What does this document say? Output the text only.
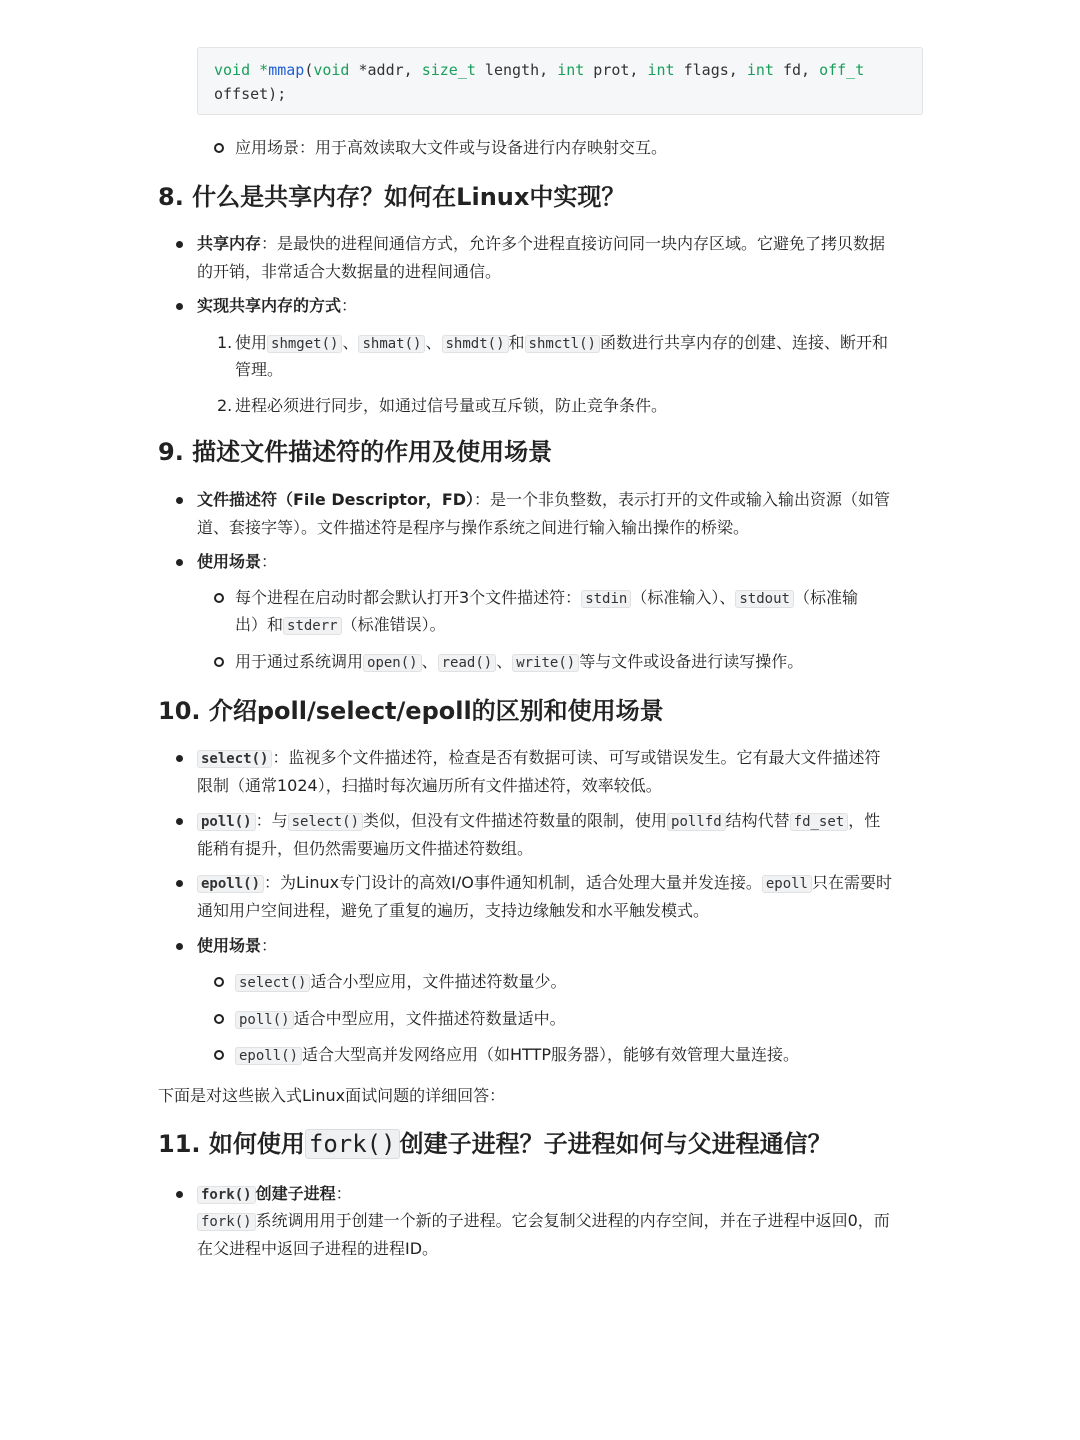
void *mmap(void *addr, size_t length, int prot, int flags, int fd, off_t
offset);
应用场景：用于高效读取大文件或与设备进行内存映射交互。
8. 什么是共享内存？如何在Linux中实现？
共享内存：是最快的进程间通信方式，允许多个进程直接访问同一块内存区域。它避免了拷贝数据
的开销，非常适合大数据量的进程间通信。
实现共享内存的方式：
1. 使用 shmget() 、 shmat() 、 shmdt() 和 shmctl() 函数进行共享内存的创建、连接、断开和
管理。
2. 进程必须进行同步，如通过信号量或互斥锁，防止竞争条件。
9. 描述文件描述符的作用及使用场景
文件描述符（File Descriptor，FD）：是一个非负整数，表示打开的文件或输入输出资源（如管
道、套接字等）。文件描述符是程序与操作系统之间进行输入输出操作的桥梁。
使用场景：
每个进程在启动时都会默认打开3个文件描述符： stdin （标准输入）、 stdout （标准输
出）和 stderr （标准错误）。
用于通过系统调用 open() 、 read() 、 write() 等与文件或设备进行读写操作。
10. 介绍poll/select/epoll的区别和使用场景
select() ：监视多个文件描述符，检查是否有数据可读、可写或错误发生。它有最大文件描述符
限制（通常1024），扫描时每次遍历所有文件描述符，效率较低。
poll() ：与 select() 类似，但没有文件描述符数量的限制，使用 pollfd 结构代替 fd_set ，性
能稍有提升，但仍然需要遍历文件描述符数组。
epoll() ：为Linux专门设计的高效I/O事件通知机制，适合处理大量并发连接。 epoll 只在需要时
通知用户空间进程，避免了重复的遍历，支持边缘触发和水平触发模式。
使用场景：
select() 适合小型应用，文件描述符数量少。
poll() 适合中型应用，文件描述符数量适中。
epoll() 适合大型高并发网络应用（如HTTP服务器），能够有效管理大量连接。
下面是对这些嵌入式Linux面试问题的详细回答：
11. 如何使用 fork() 创建子进程？子进程如何与父进程通信？
fork() 创建子进程：
fork() 系统调用用于创建一个新的子进程。它会复制父进程的内存空间，并在子进程中返回0，而
在父进程中返回子进程的进程ID。
